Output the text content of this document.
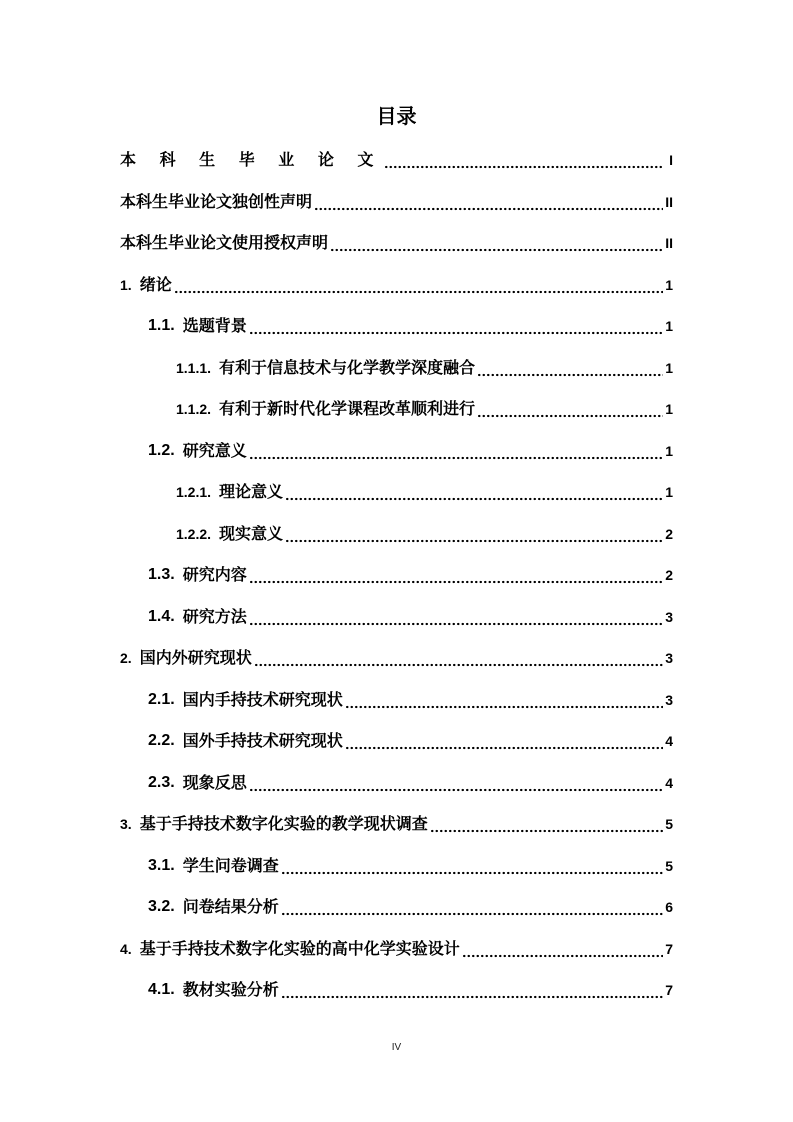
目录
本 科 生 毕 业 论 文	I
本科生毕业论文独创性声明	II
本科生毕业论文使用授权声明	II
1. 绪论	1
1.1. 选题背景	1
1.1.1. 有利于信息技术与化学教学深度融合	1
1.1.2. 有利于新时代化学课程改革顺利进行	1
1.2. 研究意义	1
1.2.1. 理论意义	1
1.2.2. 现实意义	2
1.3. 研究内容	2
1.4. 研究方法	3
2. 国内外研究现状	3
2.1. 国内手持技术研究现状	3
2.2. 国外手持技术研究现状	4
2.3. 现象反思	4
3. 基于手持技术数字化实验的教学现状调查	5
3.1. 学生问卷调查	5
3.2. 问卷结果分析	6
4. 基于手持技术数字化实验的高中化学实验设计	7
4.1. 教材实验分析	7
IV
